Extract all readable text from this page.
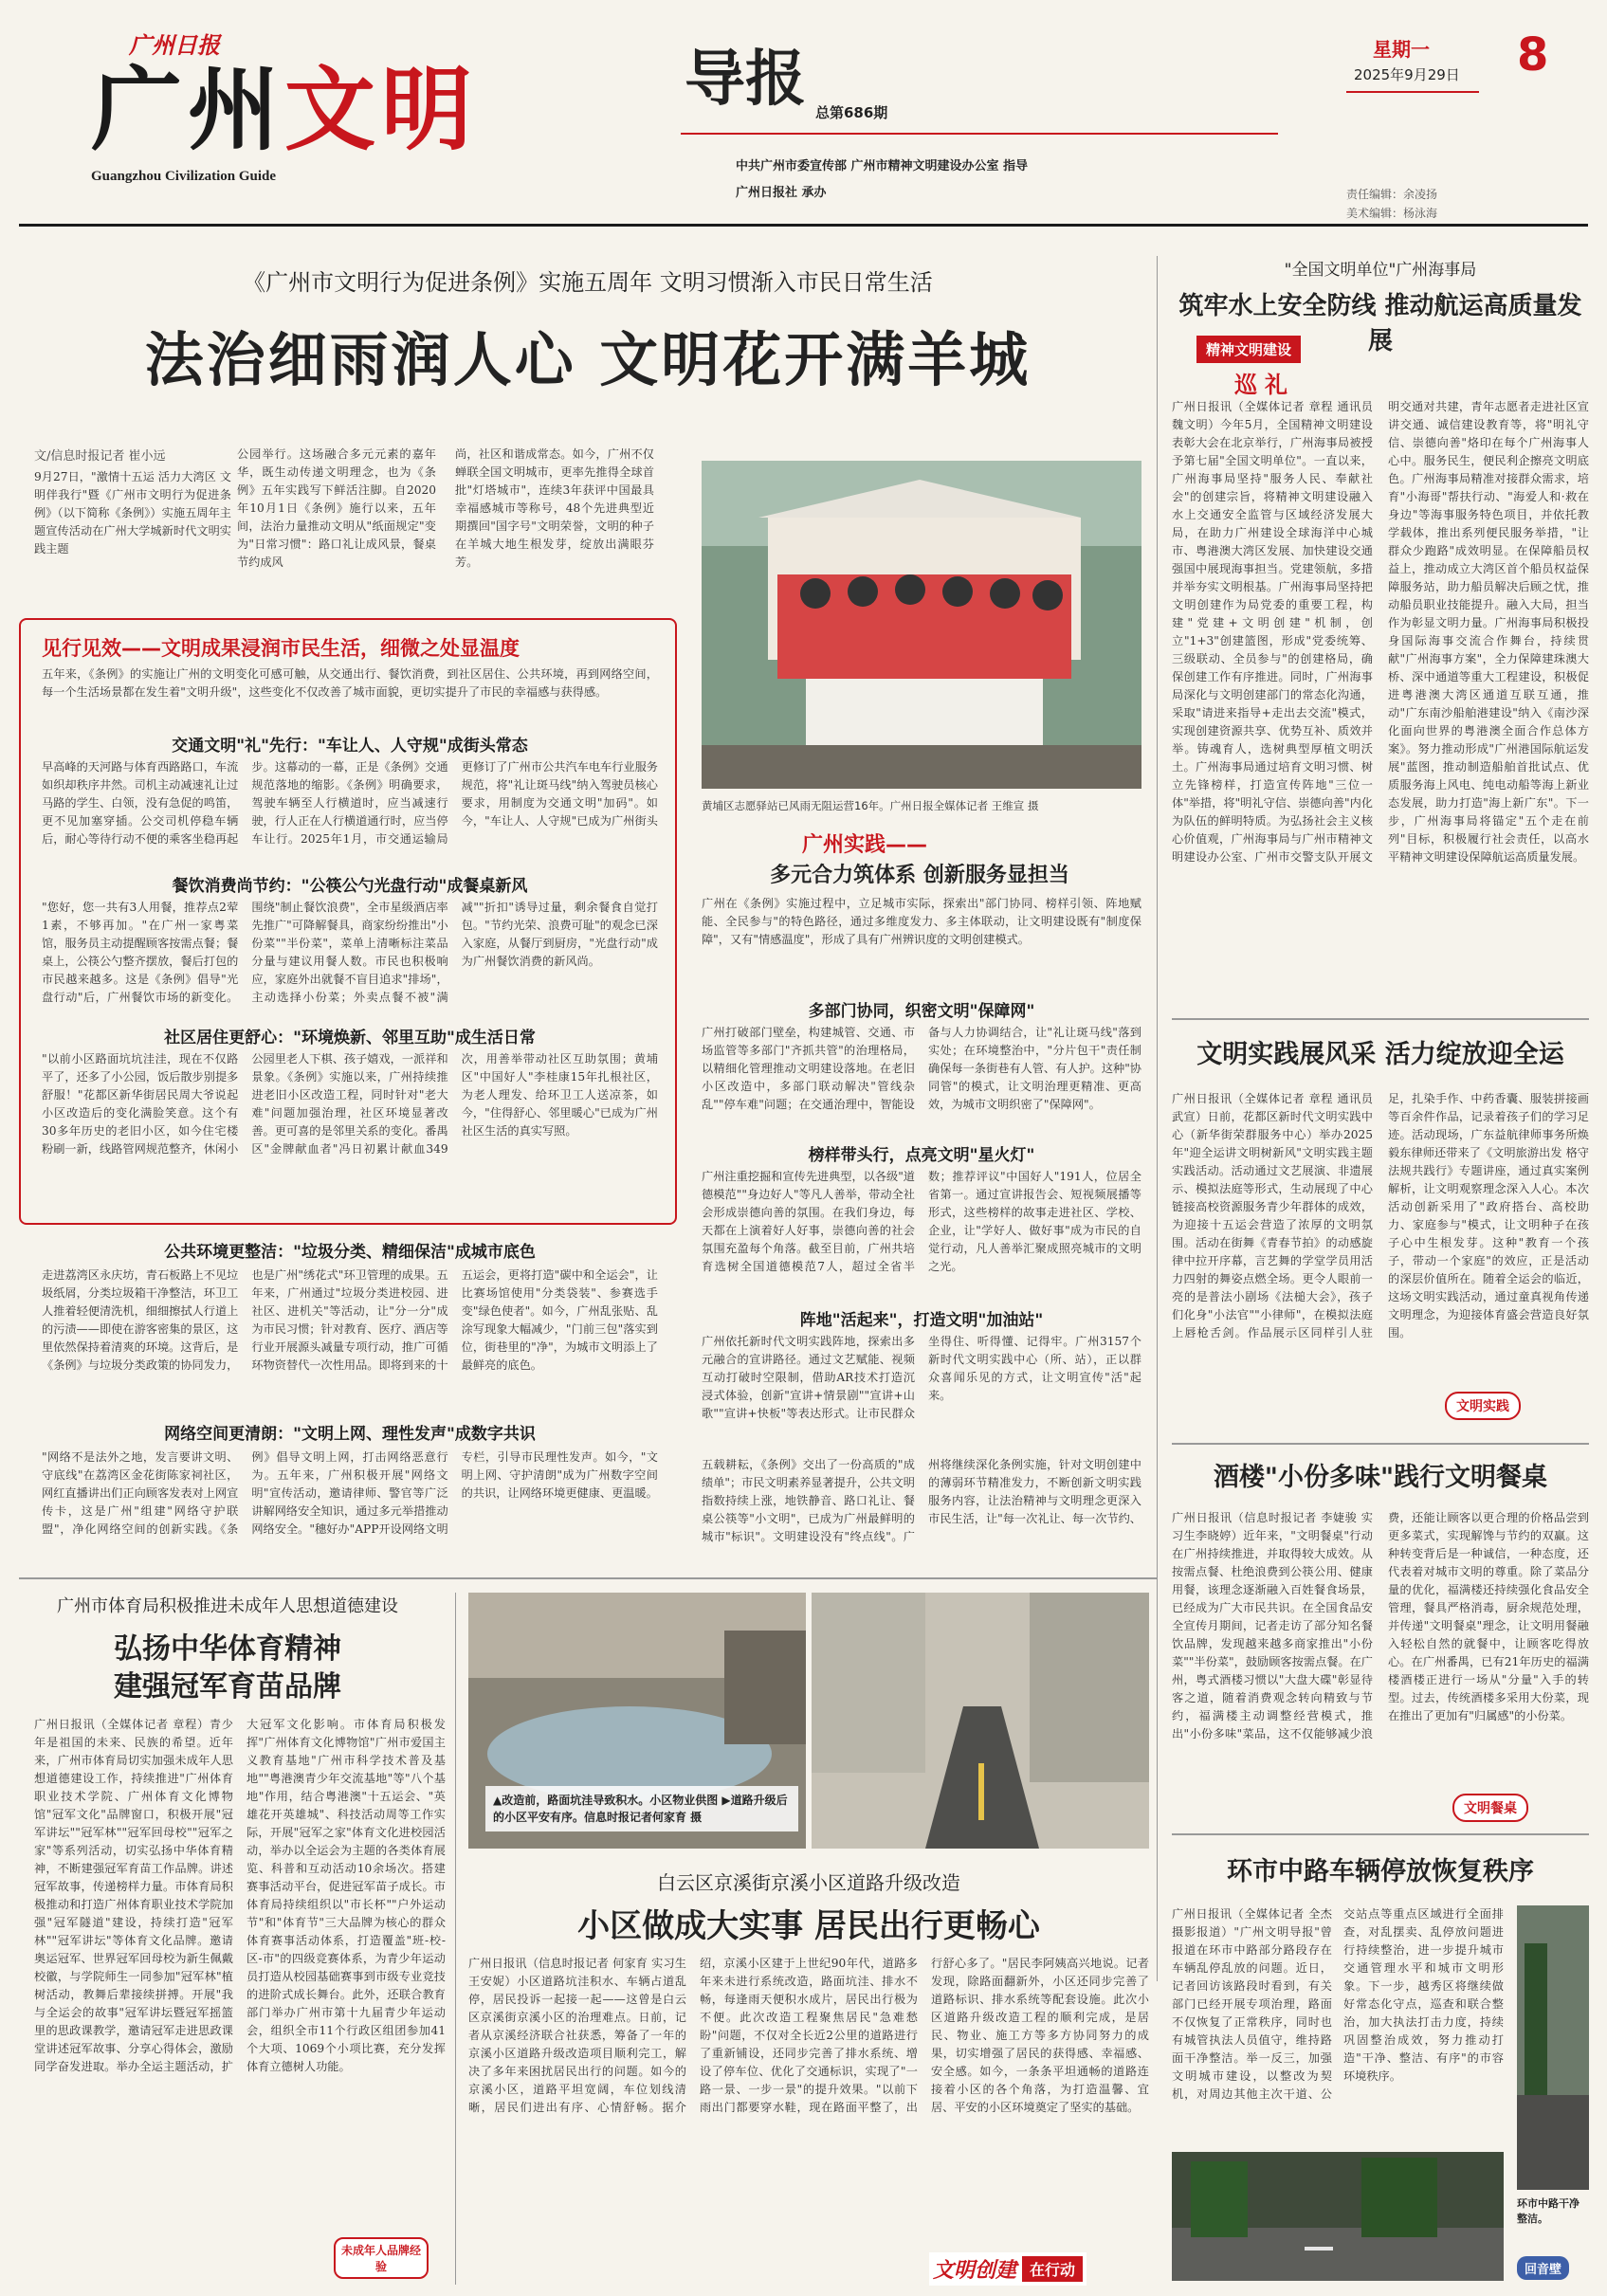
广州日报
广州文明
Guangzhou Civilization Guide
导报 总第686期
中共广州市委宣传部 广州市精神文明建设办公室 指导
广州日报社 承办
星期一
2025年9月29日 8
责任编辑：余凌扬
美术编辑：杨泳海
《广州市文明行为促进条例》实施五周年 文明习惯渐入市民日常生活
法治细雨润人心 文明花开满羊城
文/信息时报记者 崔小远
9月27日，"激情十五运 活力大湾区 文明伴我行"暨《广州市文明行为促进条例》（以下简称《条例》）实施五周年主题宣传活动在广州大学城新时代文明实践主题
公园举行。这场融合多元元素的嘉年华，既生动传递文明理念，也为《条例》五年实践写下鲜活注脚。自2020年10月1日《条例》施行以来，五年间，法治力量推动文明从"纸面规定"变为"日常习惯"：路口礼让成风景，餐桌节约成风
尚，社区和谐成常态。如今，广州不仅蝉联全国文明城市，更率先推得全球首批"灯塔城市"，连续3年获评中国最具幸福感城市等称号，48个先进典型近期撰回"国字号"文明荣誉，文明的种子在羊城大地生根发芽，绽放出满眼芬芳。
黄埔区志愿驿站已风雨无阻运营16年。广州日报全媒体记者 王维宣 摄
见行见效——文明成果浸润市民生活，细微之处显温度
五年来，《条例》的实施让广州的文明变化可感可触，从交通出行、餐饮消费，到社区居住、公共环境，再到网络空间，每一个生活场景都在发生着"文明升级"，这些变化不仅改善了城市面貌，更切实提升了市民的幸福感与获得感。
交通文明"礼"先行："车让人、人守规"成街头常态
早高峰的天河路与体育西路路口，车流如织却秩序井然。司机主动减速礼让过马路的学生、白领，没有急促的鸣笛，更不见加塞穿插。公交司机停稳车辆后，耐心等待行动不便的乘客坐稳再起步。这幕动的一幕，正是《条例》交通规范落地的缩影。《条例》明确要求，驾驶车辆至人行横道时，应当减速行驶，行人正在人行横道通行时，应当停车让行。2025年1月，市交通运输局更修订了广州市公共汽车电车行业服务规范，将"礼让斑马线"纳入驾驶员核心要求，用制度为交通文明"加码"。如今，"车让人、人守规"已成为广州街头
餐饮消费尚节约："公筷公勺光盘行动"成餐桌新风
"您好，您一共有3人用餐，推荐点2荤1素，不够再加。"在广州一家粤菜馆，服务员主动提醒顾客按需点餐；餐桌上，公筷公勺整齐摆放，餐后打包的市民越来越多。这是《条例》倡导"光盘行动"后，广州餐饮市场的新变化。围绕"制止餐饮浪费"，全市星级酒店率先推广"可降解餐具，商家纷纷推出"小份菜""半份菜"，菜单上清晰标注菜品分量与建议用餐人数。市民也积极响应，家庭外出就餐不盲目追求"排场"，主动选择小份菜；外卖点餐不被"满减""折扣"诱导过量，剩余餐食自觉打包。"节约光荣、浪费可耻"的观念已深入家庭，从餐厅到厨房，"光盘行动"成为广州餐饮消费的新风尚。
社区居住更舒心："环境焕新、邻里互助"成生活日常
"以前小区路面坑坑洼洼，现在不仅路平了，还多了小公园，饭后散步别提多舒服！"花都区新华街居民周大爷说起小区改造后的变化满脸笑意。这个有30多年历史的老旧小区，如今住宅楼粉刷一新，线路管网规范整齐，休闲小公园里老人下棋、孩子嬉戏，一派祥和景象。《条例》实施以来，广州持续推进老旧小区改造工程，同时针对"老大难"问题加强治理，社区环境显著改善。更可喜的是邻里关系的变化。番禺区"金牌献血者"冯日初累计献血349次，用善举带动社区互助氛围；黄埔区"中国好人"李桂康15年扎根社区，为老人理发、给环卫工人送凉茶，如今，"住得舒心、邻里暖心"已成为广州社区生活的真实写照。
公共环境更整洁："垃圾分类、精细保洁"成城市底色
走进荔湾区永庆坊，青石板路上不见垃圾纸屑，分类垃圾箱干净整洁，环卫工人推着轻便清洗机，细细擦拭人行道上的污渍——即使在游客密集的景区，这里依然保持着清爽的环境。这背后，是《条例》与垃圾分类政策的协同发力，也是广州"绣花式"环卫管理的成果。五年来，广州通过"垃圾分类进校园、进社区、进机关"等活动，让"分一分"成为市民习惯；针对教育、医疗、酒店等行业开展源头减量专项行动，推广可循环物资替代一次性用品。即将到来的十五运会，更将打造"碳中和全运会"，让比赛场馆使用"分类袋装"、参赛选手变"绿色使者"。如今，广州乱张贴、乱涂写现象大幅减少，"门前三包"落实到位，街巷里的"净"，为城市文明添上了最鲜亮的底色。
网络空间更清朗："文明上网、理性发声"成数字共识
"网络不是法外之地，发言要讲文明、守底线"在荔湾区金花街陈家祠社区，网红直播讲出们正向顾客发表对上网宣传卡，这是广州"组建"网络守护联盟"，净化网络空间的创新实践。《条例》倡导文明上网，打击网络恶意行为。五年来，广州积极开展"网络文明"宣传活动，邀请律师、警官等广泛讲解网络安全知识，通过多元举措推动网络安全。"穗好办"APP开设网络文明专栏，引导市民理性发声。如今，"文明上网、守护清朗"成为广州数字空间的共识，让网络环境更健康、更温暖。
广州实践——
多元合力筑体系 创新服务显担当
广州在《条例》实施过程中，立足城市实际，探索出"部门协同、榜样引领、阵地赋能、全民参与"的特色路径，通过多维度发力、多主体联动，让文明建设既有"制度保障"，又有"情感温度"，形成了具有广州辨识度的文明创建模式。
多部门协同，织密文明"保障网"
广州打破部门壁垒，构建城管、交通、市场监管等多部门"齐抓共管"的治理格局，以精细化管理推动文明建设落地。在老旧小区改造中，多部门联动解决"管线杂乱""停车难"问题；在交通治理中，智能设备与人力协调结合，让"礼让斑马线"落到实处；在环境整治中，"分片包干"责任制确保每一条街巷有人管、有人护。这种"协同管"的模式，让文明治理更精准、更高效，为城市文明织密了"保障网"。
榜样带头行，点亮文明"星火灯"
广州注重挖掘和宣传先进典型，以各级"道德模范""身边好人"等凡人善举，带动全社会形成崇德向善的氛围。在我们身边，每天都在上演着好人好事，崇德向善的社会氛围充盈每个角落。截至目前，广州共培育选树全国道德模范7人，超过全省半数；推荐评议"中国好人"191人，位居全省第一。通过宣讲报告会、短视频展播等形式，这些榜样的故事走进社区、学校、企业，让"学好人、做好事"成为市民的自觉行动，凡人善举汇聚成照亮城市的文明之光。
阵地"活起来"，打造文明"加油站"
广州依托新时代文明实践阵地，探索出多元融合的宣讲路径。通过文艺赋能、视频互动打破时空限制，借助AR技术打造沉浸式体验，创新"宣讲+情景剧""宣讲+山歌""宣讲+快板"等表达形式。让市民群众坐得住、听得懂、记得牢。广州3157个新时代文明实践中心（所、站），正以群众喜闻乐见的方式，让文明宣传"活"起来。
五载耕耘，《条例》交出了一份高质的"成绩单"；市民文明素养显著提升，公共文明指数持续上涨，地铁静音、路口礼让、餐桌公筷等"小文明"，已成为广州最鲜明的城市"标识"。文明建设没有"终点线"。广州将继续深化条例实施，针对文明创建中的薄弱环节精准发力，不断创新文明实践服务内容，让法治精神与文明理念更深入市民生活，让"每一次礼让、每一次节约、
"全国文明单位"广州海事局
筑牢水上安全防线 推动航运高质量发展
精神文明建设
巡礼
广州日报讯（全媒体记者 章程 通讯员魏文明）今年5月，全国精神文明建设表彰大会在北京举行，广州海事局被授予第七届"全国文明单位"。一直以来，广州海事局坚持"服务人民、奉献社会"的创建宗旨，将精神文明建设融入水上交通安全监管与区域经济发展大局，在助力广州建设全球海洋中心城市、粤港澳大湾区发展、加快建设交通强国中展现海事担当。党建领航，多措并举夯实文明根基。广州海事局坚持把文明创建作为局党委的重要工程，构建"党建+文明创建"机制，创立"1+3"创建篮图，形成"党委统筹、三级联动、全员参与"的创建格局，确保创建工作有序推进。同时，广州海事局深化与文明创建部门的常态化沟通，采取"请进来指导+走出去交流"模式，实现创建资源共享、优势互补、质效并举。铸魂育人，选树典型厚植文明沃土。广州海事局通过培育文明习惯、树立先锋榜样，打造宣传阵地"三位一体"举措，将"明礼守信、崇德向善"内化为队伍的鲜明特质。为弘扬社会主义核心价值观，广州海事局与广州市精神文明建设办公室、广州市交警支队开展文明交通对共建，青年志愿者走进社区宣讲交通、诚信建设教育等，将"明礼守信、崇德向善"烙印在每个广州海事人心中。服务民生，便民利企擦亮文明底色。广州海事局精准对接群众需求，培育"小海哥"帮扶行动、"海爱人和·救在身边"等海事服务特色项目，并依托教学载体，推出系列便民服务举措，"让群众少跑路"成效明显。在保障船员权益上，推动成立大湾区首个船员权益保障服务站，助力船员解决后顾之忧，推动船员职业技能提升。融入大局，担当作为彰显文明力量。广州海事局积极投身国际海事交流合作舞台，持续贯献"广州海事方案"，全力保障建珠澳大桥、深中通道等重大工程建设，积极促进粤港澳大湾区通道互联互通，推动"广东南沙船舶港建设"纳入《南沙深化面向世界的粤港澳全面合作总体方案》。努力推动形成"广州港国际航运发展"蓝图，推动制造船舶首批试点、优质服务海上风电、纯电动船等海上新业态发展，助力打造"海上新广东"。下一步，广州海事局将锚定"五个走在前列"目标，积极履行社会责任，以高水平精神文明建设保障航运高质量发展。
文明实践展风采 活力绽放迎全运
广州日报讯（全媒体记者 章程 通讯员武宣）日前，花都区新时代文明实践中心（新华街荣群服务中心）举办2025年"迎全运讲文明树新风"文明实践主题实践活动。活动通过文艺展演、非遗展示、模拟法庭等形式，生动展现了中心链接高校资源服务青少年群体的成效，为迎接十五运会营造了浓厚的文明氛围。活动在街舞《青春节拍》的动感旋律中拉开序幕，言艺舞的学堂学员用活力四射的舞姿点燃全场。更令人眼前一亮的是普法小剧场《法槌大会》，孩子们化身"小法官""小律师"，在模拟法庭上唇枪舌剑。作品展示区同样引人驻足，扎染手作、中药香囊、服装拼接画等百余件作品，记录着孩子们的学习足迹。活动现场，广东益航律师事务所焕毅东律师还带来了《文明旅游出发 格守法规共践行》专题讲座，通过真实案例解析，让文明观察理念深入人心。本次活动创新采用了"政府搭台、高校助力、家庭参与"模式，让文明种子在孩子心中生根发芽。这种"教育一个孩子，带动一个家庭"的效应，正是活动的深层价值所在。随着全运会的临近，这场文明实践活动，通过童真视角传递文明理念，为迎接体育盛会营造良好氛围。
文明实践
酒楼"小份多味"践行文明餐桌
广州日报讯（信息时报记者 李婕骏 实习生李晓婷）近年来，"文明餐桌"行动在广州持续推进，并取得较大成效。从按需点餐、杜绝浪费到公筷公用、健康用餐，该理念逐渐融入百姓餐食场景，已经成为广大市民共识。在全国食品安全宣传月期间，记者走访了部分知名餐饮品牌，发现越来越多商家推出"小份菜""半份菜"，鼓励顾客按需点餐。在广州，粤式酒楼习惯以"大盘大碟"彰显待客之道，随着消费观念转向精致与节约，福满楼主动调整经营模式，推出"小份多味"菜品，这不仅能够减少浪费，还能让顾客以更合理的价格品尝到更多菜式，实现解馋与节约的双赢。这种转变背后是一种诚信，一种态度，还代表着对城市文明的尊重。除了菜品分量的优化，福满楼还持续强化食品安全管理，餐具严格消毒，厨余规范处理，并传递"文明餐桌"理念，让文明用餐融入轻松自然的就餐中，让顾客吃得放心。在广州番禺，已有21年历史的福满楼酒楼正进行一场从"分量"入手的转型。过去，传统酒楼多采用大份菜，现在推出了更加有"归属感"的小份菜。
文明餐桌
环市中路车辆停放恢复秩序
广州日报讯（全媒体记者 全杰 摄影报道）"广州文明导报"曾报道在环市中路部分路段存在车辆乱停乱放的问题。近日，记者回访该路段时看到，有关部门已经开展专项治理，路面不仅恢复了正常秩序，同时也有城管执法人员值守，维持路面干净整洁。举一反三，加强文明城市建设，以整改为契机，对周边其他主次干道、公交站点等重点区域进行全面排查，对乱摆卖、乱停放问题进行持续整治，进一步提升城市交通管理水平和城市文明形象。下一步，越秀区将继续做好常态化守点，巡查和联合整治，加大执法打击力度，持续巩固整治成效，努力推动打造"干净、整洁、有序"的市容环境秩序。
环市中路干净整洁。
回音壁
广州市体育局积极推进未成年人思想道德建设
弘扬中华体育精神
建强冠军育苗品牌
广州日报讯（全媒体记者 章程）青少年是祖国的未来、民族的希望。近年来，广州市体育局切实加强未成年人思想道德建设工作，持续推进"广州体育职业技术学院、广州体育文化博物馆"冠军文化"品牌窗口，积极开展"冠军讲坛""冠军林""冠军回母校""冠军之家"等系列活动，切实弘扬中华体育精神，不断建强冠军育苗工作品牌。讲述冠军故事，传递榜样力量。市体育局积极推动和打造广州体育职业技术学院加强"冠军隧道"建设，持续打造"冠军林""冠军讲坛"等体育文化品牌。邀请奥运冠军、世界冠军回母校为新生佩戴校徽，与学院师生一同参加"冠军林"植树活动，教舞后辈接续拼搏。开展"我与全运会的故事"冠军讲坛暨冠军摇篮里的思政课教学，邀请冠军走进思政课堂讲述冠军故事、分享心得体会，激励同学奋发进取。举办全运主题活动，扩大冠军文化影响。市体育局积极发挥"广州体育文化博物馆"广州市爱国主义教育基地"广州市科学技术普及基地""粤港澳青少年交流基地"等"八个基地"作用，结合粤港澳"十五运会、"英雄花开英雄城"、科技活动周等工作实际，开展"冠军之家"体育文化进校园活动，举办以全运会为主题的各类体育展览、科普和互动活动10余场次。搭建赛事活动平台，促进冠军苗子成长。市体育局持续组织以"市长杯""户外运动节"和"体育节"三大品牌为核心的群众体育赛事活动体系，打造覆盖"班-校-区-市"的四级竞赛体系，为青少年运动员打造从校园基础赛事到市级专业竞技的进阶式成长舞台。此外，还联合教育部门举办广州市第十九届青少年运动会，组织全市11个行政区组团参加41个大项、1069个小项比赛，充分发挥体育立德树人功能。
未成年人品牌经验
▲改造前，路面坑洼导致积水。小区物业供图 ▶道路升级后的小区平安有序。信息时报记者何家育 摄
白云区京溪街京溪小区道路升级改造
小区做成大实事 居民出行更畅心
广州日报讯（信息时报记者 何家育 实习生王安妮）小区道路坑洼积水、车辆占道乱停，居民投诉一起接一起——这曾是白云区京溪街京溪小区的治理难点。日前，记者从京溪经济联合社获悉，筹备了一年的京溪小区道路升级改造项目顺利完工，解决了多年来困扰居民出行的问题。如今的京溪小区，道路平坦宽阔，车位划线清晰，居民们进出有序、心情舒畅。据介绍，京溪小区建于上世纪90年代，道路多年来未进行系统改造，路面坑洼、排水不畅，每逢雨天便积水成片，居民出行极为不便。此次改造工程聚焦居民"急难愁盼"问题，不仅对全长近2公里的道路进行了重新铺设，还同步完善了排水系统、增设了停车位、优化了交通标识，实现了"一路一景、一步一景"的提升效果。"以前下雨出门都要穿水鞋，现在路面平整了，出行舒心多了。"居民李阿姨高兴地说。记者发现，除路面翻新外，小区还同步完善了道路标识、排水系统等配套设施。此次小区道路升级改造工程的顺利完成，是居民、物业、施工方等多方协同努力的成果，切实增强了居民的获得感、幸福感、安全感。如今，一条条平坦通畅的道路连接着小区的各个角落，为打造温馨、宜居、平安的小区环境奠定了坚实的基础。
文明创建 在行动
